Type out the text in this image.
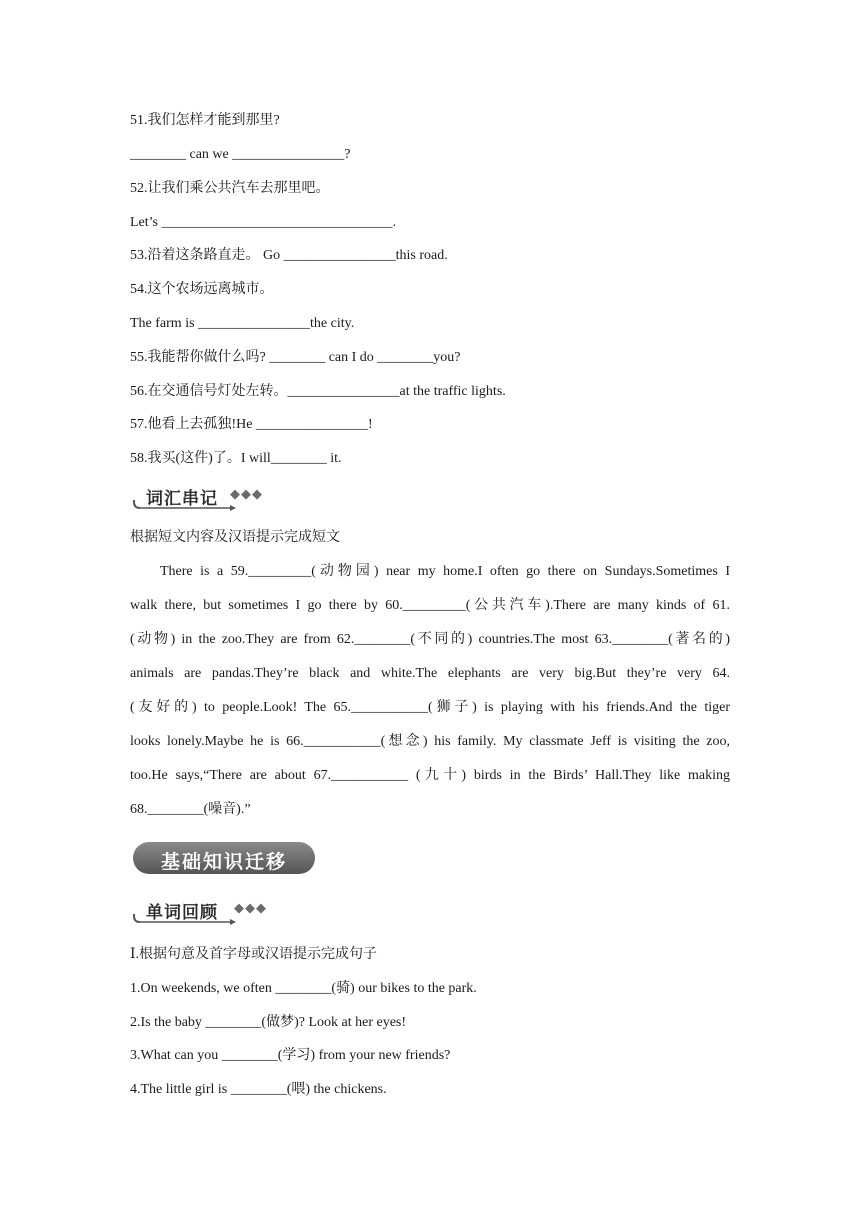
51.我们怎样才能到那里?
________ can we ________________?
52.让我们乘公共汽车去那里吧。
Let’s _________________________________.
53.沿着这条路直走。 Go ________________this road.
54.这个农场远离城市。
The farm is ________________the city.
55.我能帮你做什么吗? ________ can I do ________you?
56.在交通信号灯处左转。________________at the traffic lights.
57.他看上去孤独!He ________________!
58.我买(这件)了。I will________ it.
词汇串记 ◆◆◆
根据短文内容及汉语提示完成短文
There is a 59._________(动物园) near my home.I often go there on Sundays.Sometimes I
walk there, but sometimes I go there by 60._________(公共汽车).There are many kinds of 61.
(动物) in the zoo.They are from 62.________(不同的) countries.The most 63.________(著名的)
animals are pandas.They’re black and white.The elephants are very big.But they’re very 64.
(友好的) to people.Look! The 65.___________(狮子) is playing with his friends.And the tiger
looks lonely.Maybe he is 66.___________(想念) his family. My classmate Jeff is visiting the zoo,
too.He says,“There are about 67.___________ (九十) birds in the Birds’ Hall.They like making
68.________(噪音).”
基础知识迁移
单词回顾 ◆◆◆
Ⅰ.根据句意及首字母或汉语提示完成句子
1.On weekends, we often ________(骑) our bikes to the park.
2.Is the baby ________(做梦)? Look at her eyes!
3.What can you ________(学习) from your new friends?
4.The little girl is ________(喂) the chickens.
